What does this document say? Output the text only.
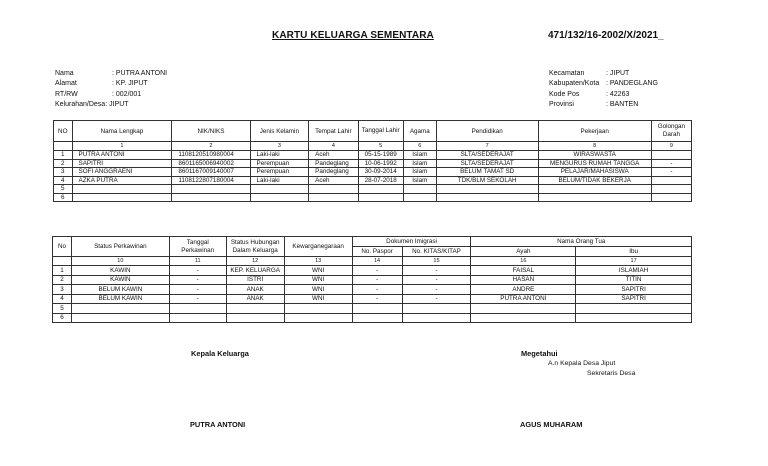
KARTU KELUARGA SEMENTARA	471/132/16-2002/X/2021_
Nama	: PUTRA ANTONI
Alamat	: KP. JIPUT
RT/RW	: 002/001
Kelurahan/Desa : JIPUT
Kecamatan	: JIPUT
Kabupaten/Kota : PANDEGLANG
Kode Pos	: 42263
Provinsi	: BANTEN
NO	Nama Lengkap	NIK/NIKS	Jenis Kelamin	Tempat Lahir	Tanggal Lahir	Agama	Pendidikan	Pekerjaan	Golongan Darah
	1	2	3	4	5	6	7	8	9
1	PUTRA ANTONI	1108120510980004	Laki-laki	Aceh	05-15-1989	Islam	SLTA/SEDERAJAT	WIRASWASTA	
2	SAPITRI	8601165006940002	Perempuan	Pandeglang	10-06-1992	Islam	SLTA/SEDERAJAT	MENGURUS RUMAH TANGGA	-
3	SOFI ANGGRAENI	8601167009140007	Perempuan	Pandeglang	30-09-2014	Islam	BELUM TAMAT SD	PELAJAR/MAHASISWA	-
4	AZKA PUTRA	1108122807180004	Laki-laki	Aceh	28-07-2018	Islam	TDK/BLM SEKOLAH	BELUM/TIDAK BEKERJA	
5									
6									
No	Status Perkawinan	Tanggal Perkawinan	Status Hubungan Dalam Keluarga	Kewarganegaraan	Dokumen Imigrasi		Nama Orang Tua	
					No. Paspor	No. KITAS/KITAP	Ayah	Ibu
	10	11	12	13	14	15	16	17
1	KAWIN	-	KEP. KELUARGA	WNI	-	-	FAISAL	ISLAMIAH
2	KAWIN	-	ISTRI	WNI	-	-	HASAN	TITIN
3	BELUM KAWIN	-	ANAK	WNI	-	-	ANDRE	SAPITRI
4	BELUM KAWIN	-	ANAK	WNI	-	-	PUTRA ANTONI	SAPITRI
5								
6								
Kepala Keluarga
PUTRA ANTONI
Megetahui
A.n Kepala Desa Jiput
Sekretaris Desa
AGUS MUHARAM
